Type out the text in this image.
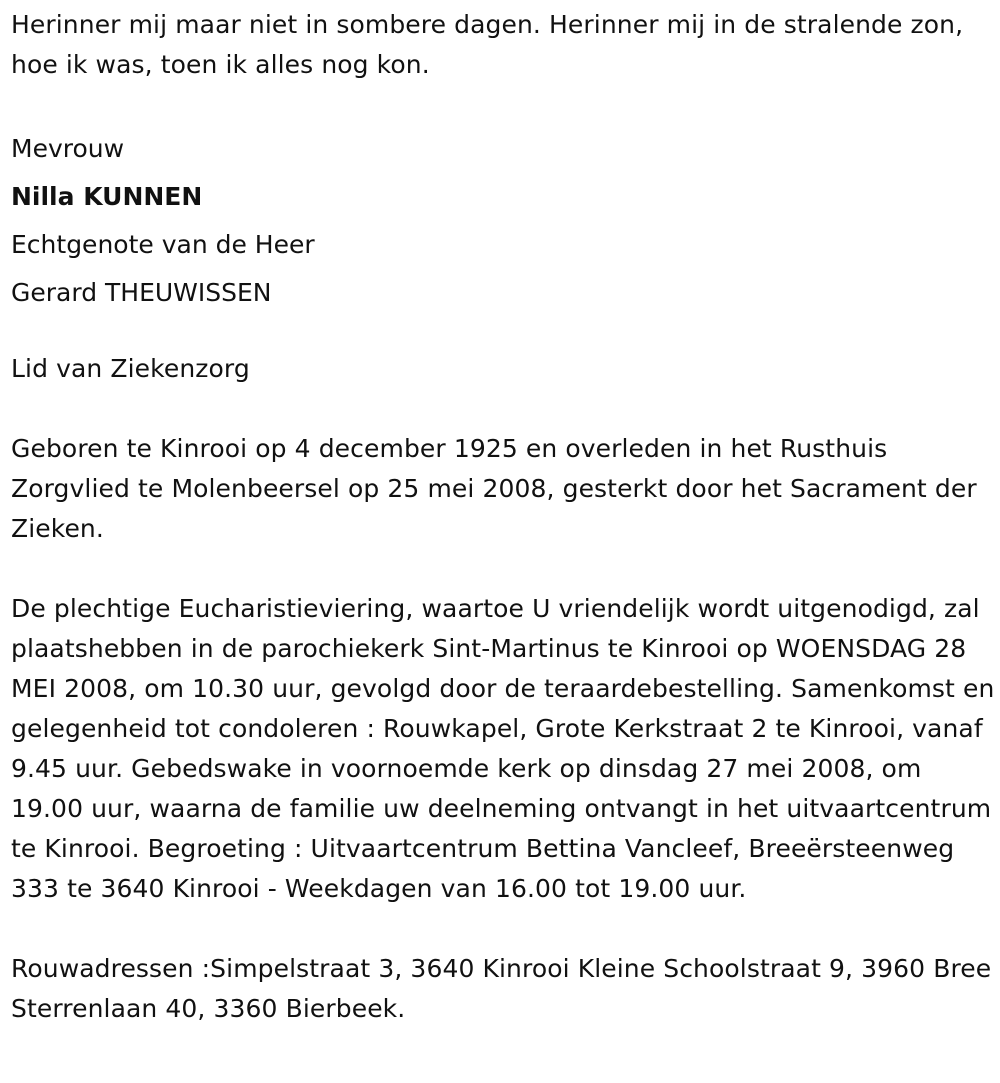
Herinner mij maar niet in sombere dagen. Herinner mij in de stralende zon, hoe ik was, toen ik alles nog kon.

Mevrouw

Nilla KUNNEN

Echtgenote van de Heer

Gerard THEUWISSEN

Lid van Ziekenzorg

Geboren te Kinrooi op 4 december 1925 en overleden in het Rusthuis Zorgvlied te Molenbeersel op 25 mei 2008, gesterkt door het Sacrament der Zieken.

De plechtige Eucharistieviering, waartoe U vriendelijk wordt uitgenodigd, zal plaatshebben in de parochiekerk Sint-Martinus te Kinrooi op WOENSDAG 28 MEI 2008, om 10.30 uur, gevolgd door de teraardebestelling. Samenkomst en gelegenheid tot condoleren : Rouwkapel, Grote Kerkstraat 2 te Kinrooi, vanaf 9.45 uur. Gebedswake in voornoemde kerk op dinsdag 27 mei 2008, om 19.00 uur, waarna de familie uw deelneming ontvangt in het uitvaartcentrum te Kinrooi. Begroeting : Uitvaartcentrum Bettina Vancleef, Breeërsteenweg 333 te 3640 Kinrooi - Weekdagen van 16.00 tot 19.00 uur.

Rouwadressen :Simpelstraat 3, 3640 Kinrooi Kleine Schoolstraat 9, 3960 Bree Sterrenlaan 40, 3360 Bierbeek.
